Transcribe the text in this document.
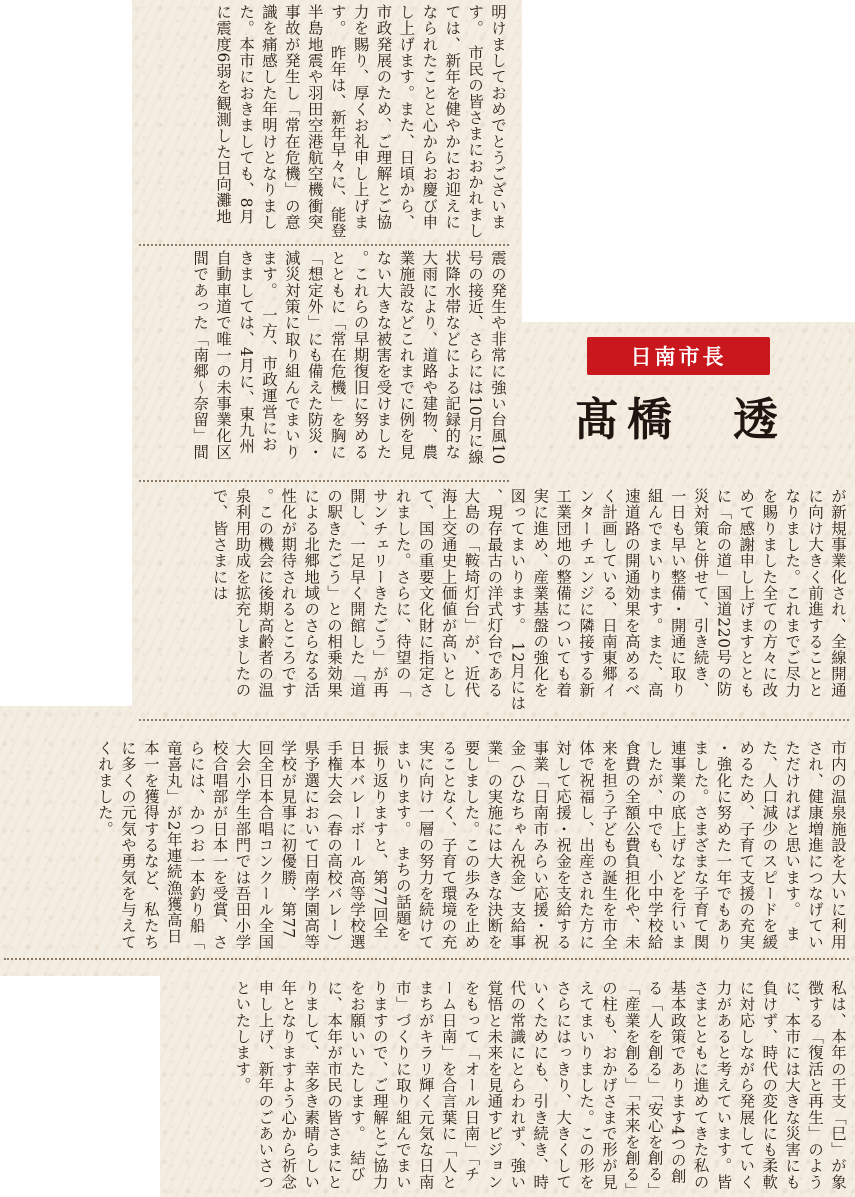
日南市長
髙橋　透
明けましておめでとうございます。　市民の皆さまにおかれましては、新年を健やかにお迎えになられたことと心からお慶び申し上げます。また、日頃から、市政発展のため、ご理解とご協力を賜り、厚くお礼申し上げます。　昨年は、新年早々に、能登半島地震や羽田空港航空機衝突事故が発生し「常在危機」の意識を痛感した年明けとなりました。本市におきましても、8月に震度6弱を観測した日向灘地
震の発生や非常に強い台風10号の接近、さらには10月に線状降水帯などによる記録的な大雨により、道路や建物、農業施設などこれまでに例を見ない大きな被害を受けました。これらの早期復旧に努めるとともに「常在危機」を胸に「想定外」にも備えた防災・減災対策に取り組んでまいります。　一方、市政運営におきましては、4月に、東九州自動車道で唯一の未事業化区間であった「南郷～奈留」間
が新規事業化され、全線開通に向け大きく前進することとなりました。これまでご尽力を賜りました全ての方々に改めて感謝申し上げますとともに「命の道」国道220号の防災対策と併せて、引き続き、一日も早い整備・開通に取り組んでまいります。また、高速道路の開通効果を高めるべく計画している、日南東郷インターチェンジに隣接する新工業団地の整備についても着実に進め、産業基盤の強化を図ってまいります。　12月には、現存最古の洋式灯台である大島の「鞍埼灯台」が、近代海上交通史上価値が高いとして、国の重要文化財に指定されました。さらに、待望の「サンチェリーきたごう」が再開し、一足早く開館した「道の駅きたごう」との相乗効果による北郷地域のさらなる活性化が期待されるところです。この機会に後期高齢者の温泉利用助成を拡充しましたので、皆さまには
市内の温泉施設を大いに利用され、健康増進につなげていただければと思います。　また、人口減少のスピードを緩めるため、子育て支援の充実・強化に努めた一年でもありました。さまざまな子育て関連事業の底上げなどを行いましたが、中でも、小中学校給食費の全額公費負担化や、未来を担う子どもの誕生を市全体で祝福し、出産された方に対して応援・祝金を支給する事業「日南市みらい応援・祝金（ひなちゃん祝金）支給事業」の実施には大きな決断を要しました。この歩みを止めることなく、子育て環境の充実に向け一層の努力を続けてまいります。　まちの話題を振り返りますと、第77回全日本バレーボール高等学校選手権大会（春の高校バレー）県予選において日南学園高等学校が見事に初優勝、第77回全日本合唱コンクール全国大会小学生部門では吾田小学校合唱部が日本一を受賞、さらには、かつお一本釣り船「竜喜丸」が2年連続漁獲高日本一を獲得するなど、私たちに多くの元気や勇気を与えてくれました。
私は、本年の干支「巳」が象徴する「復活と再生」のように、本市には大きな災害にも負けず、時代の変化にも柔軟に対応しながら発展していく力があると考えています。皆さまとともに進めてきた私の基本政策であります4つの創る「人を創る」「安心を創る」「産業を創る」「未来を創る」の柱も、おかげさまで形が見えてまいりました。この形をさらにはっきり、大きくしていくためにも、引き続き、時代の常識にとらわれず、強い覚悟と未来を見通すビジョンをもって「オール日南」「チーム日南」を合言葉に「人とまちがキラリ輝く元気な日南市」づくりに取り組んでまいりますので、ご理解とご協力をお願いいたします。　結びに、本年が市民の皆さまにとりまして、幸多き素晴らしい年となりますよう心から祈念申し上げ、新年のごあいさつといたします。
